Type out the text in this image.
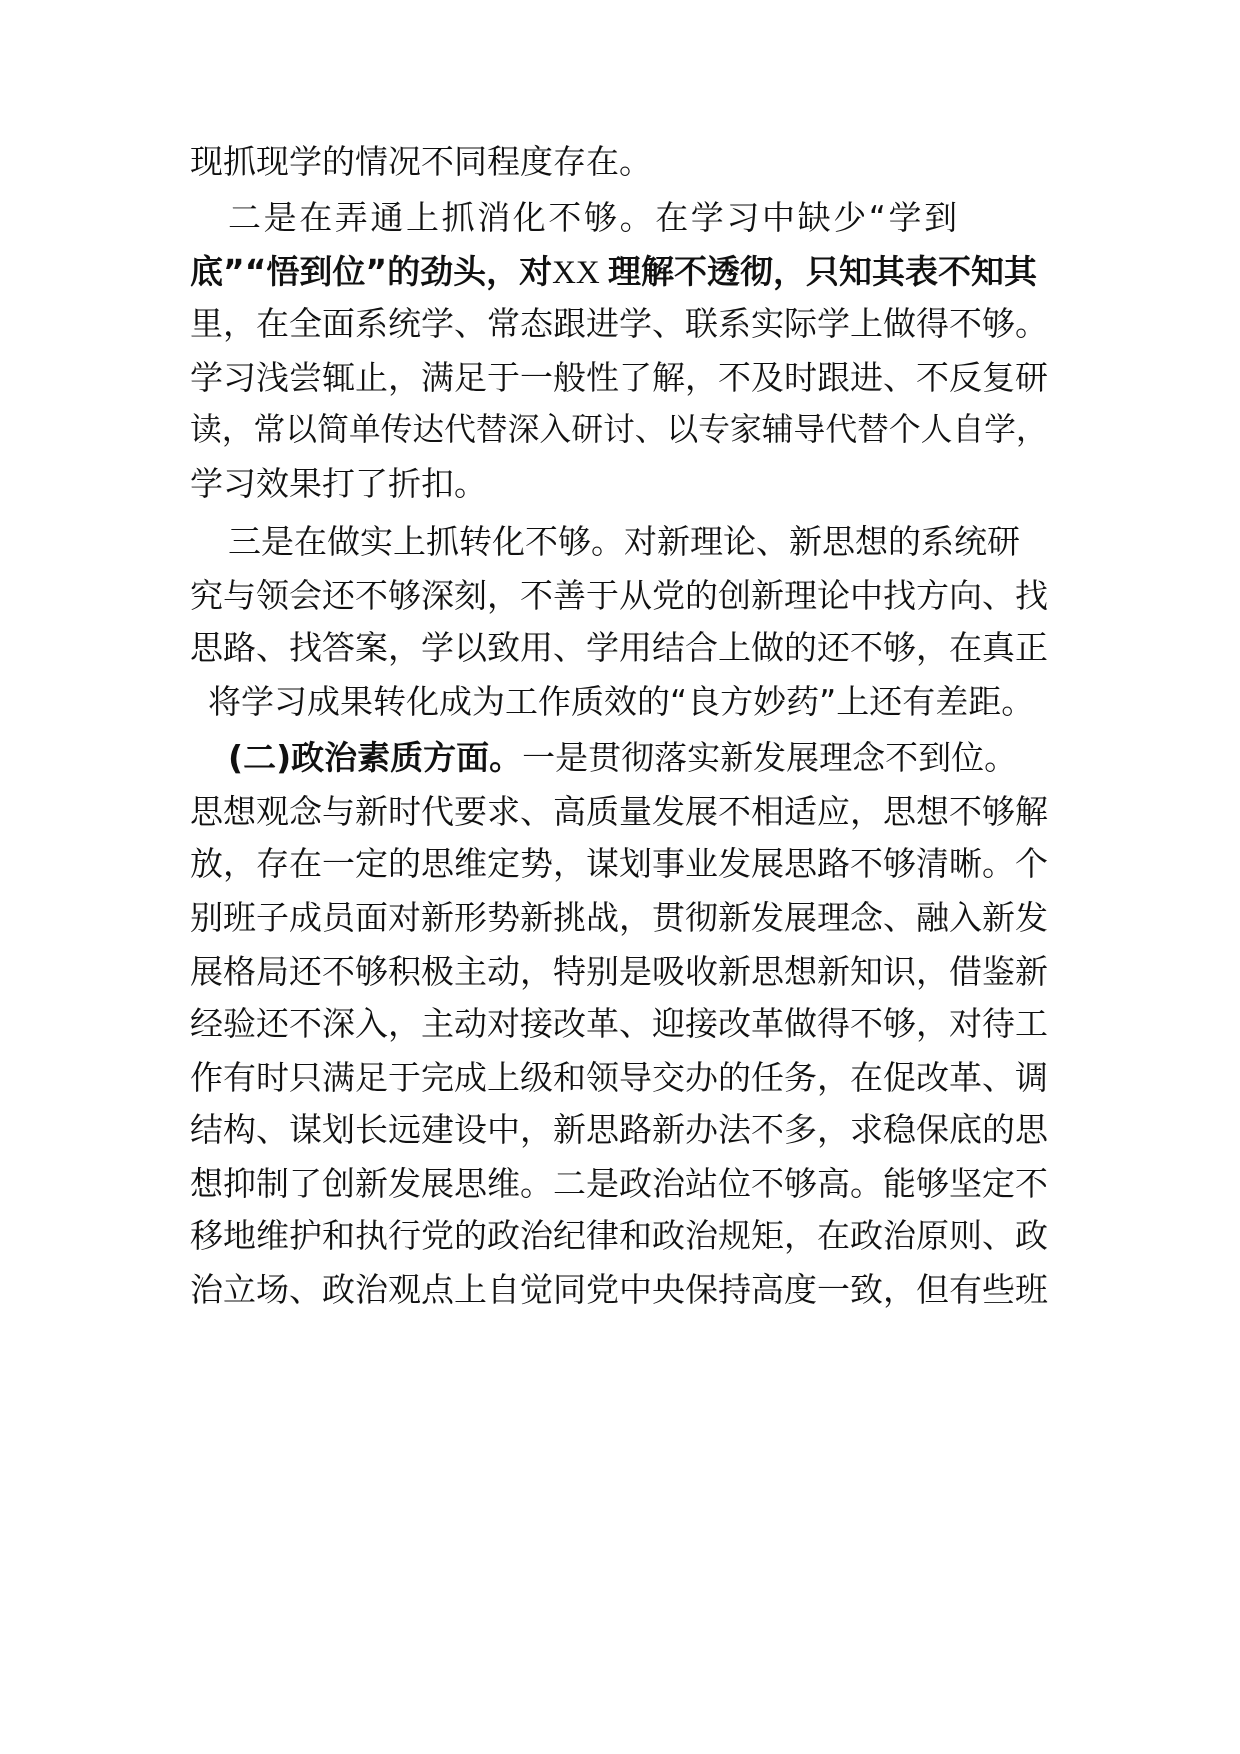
现抓现学的情况不同程度存在。
二是在弄通上抓消化不够。在学习中缺少“学到
底”“悟到位”的劲头，对XX 理解不透彻，只知其表不知其
里，在全面系统学、常态跟进学、联系实际学上做得不够。
学习浅尝辄止，满足于一般性了解，不及时跟进、不反复研
读，常以简单传达代替深入研讨、以专家辅导代替个人自学，
学习效果打了折扣。
三是在做实上抓转化不够。对新理论、新思想的系统研
究与领会还不够深刻，不善于从党的创新理论中找方向、找
思路、找答案，学以致用、学用结合上做的还不够，在真正
将学习成果转化成为工作质效的“良方妙药”上还有差距。
(二)政治素质方面。一是贯彻落实新发展理念不到位。
思想观念与新时代要求、高质量发展不相适应，思想不够解
放，存在一定的思维定势，谋划事业发展思路不够清晰。个
别班子成员面对新形势新挑战，贯彻新发展理念、融入新发
展格局还不够积极主动，特别是吸收新思想新知识，借鉴新
经验还不深入，主动对接改革、迎接改革做得不够，对待工
作有时只满足于完成上级和领导交办的任务，在促改革、调
结构、谋划长远建设中，新思路新办法不多，求稳保底的思
想抑制了创新发展思维。二是政治站位不够高。能够坚定不
移地维护和执行党的政治纪律和政治规矩，在政治原则、政
治立场、政治观点上自觉同党中央保持高度一致，但有些班
